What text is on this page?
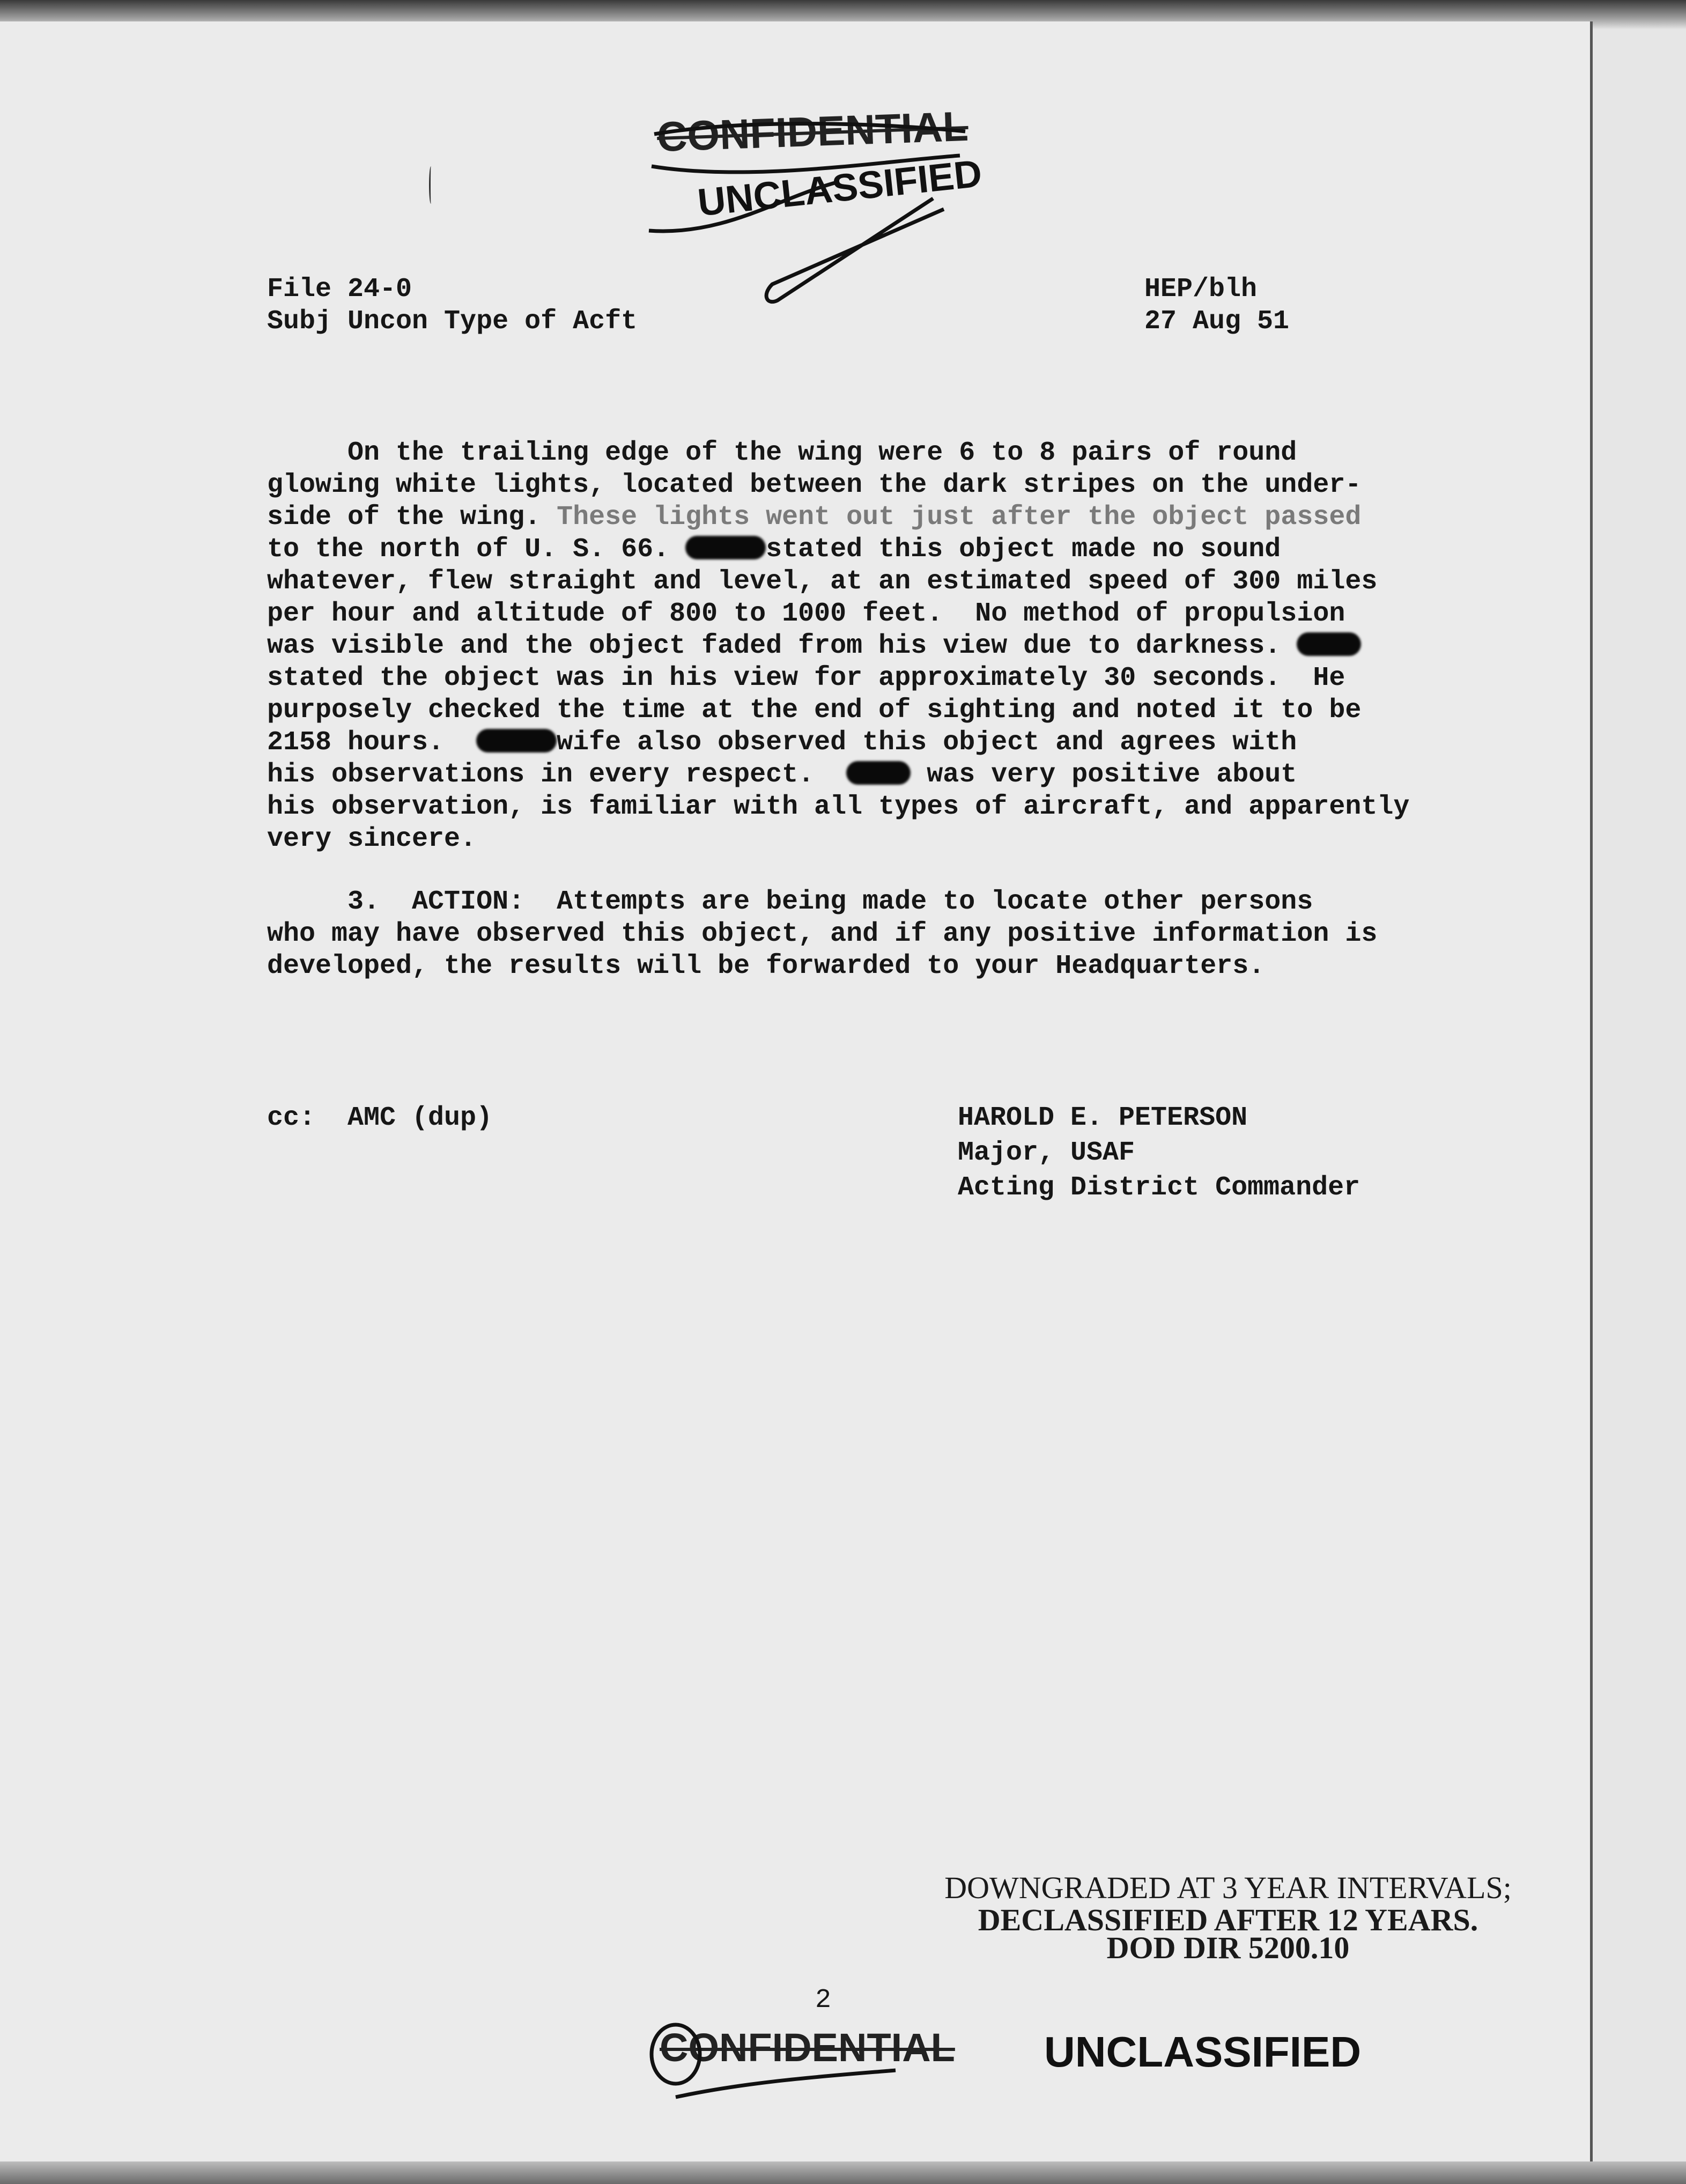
CONFIDENTIAL
UNCLASSIFIED
File 24-0
Subj Uncon Type of Acft
HEP/blh
27 Aug 51
On the trailing edge of the wing were 6 to 8 pairs of round
glowing white lights, located between the dark stripes on the under-
side of the wing. These lights went out just after the object passed
to the north of U. S. 66.	stated this object made no sound
whatever, flew straight and level, at an estimated speed of 300 miles
per hour and altitude of 800 to 1000 feet.  No method of propulsion
was visible and the object faded from his view due to darkness.
stated the object was in his view for approximately 30 seconds.  He
purposely checked the time at the end of sighting and noted it to be
2158 hours.	wife also observed this object and agrees with
his observations in every respect.   was very positive about
his observation, is familiar with all types of aircraft, and apparently
very sincere.
3.  ACTION:  Attempts are being made to locate other persons
who may have observed this object, and if any positive information is
developed, the results will be forwarded to your Headquarters.
cc:  AMC (dup)	HAROLD E. PETERSON
Major, USAF
Acting District Commander
DOWNGRADED AT 3 YEAR INTERVALS;
DECLASSIFIED AFTER 12 YEARS.
DOD DIR 5200.10
2
CONFIDENTIAL UNCLASSIFIED
